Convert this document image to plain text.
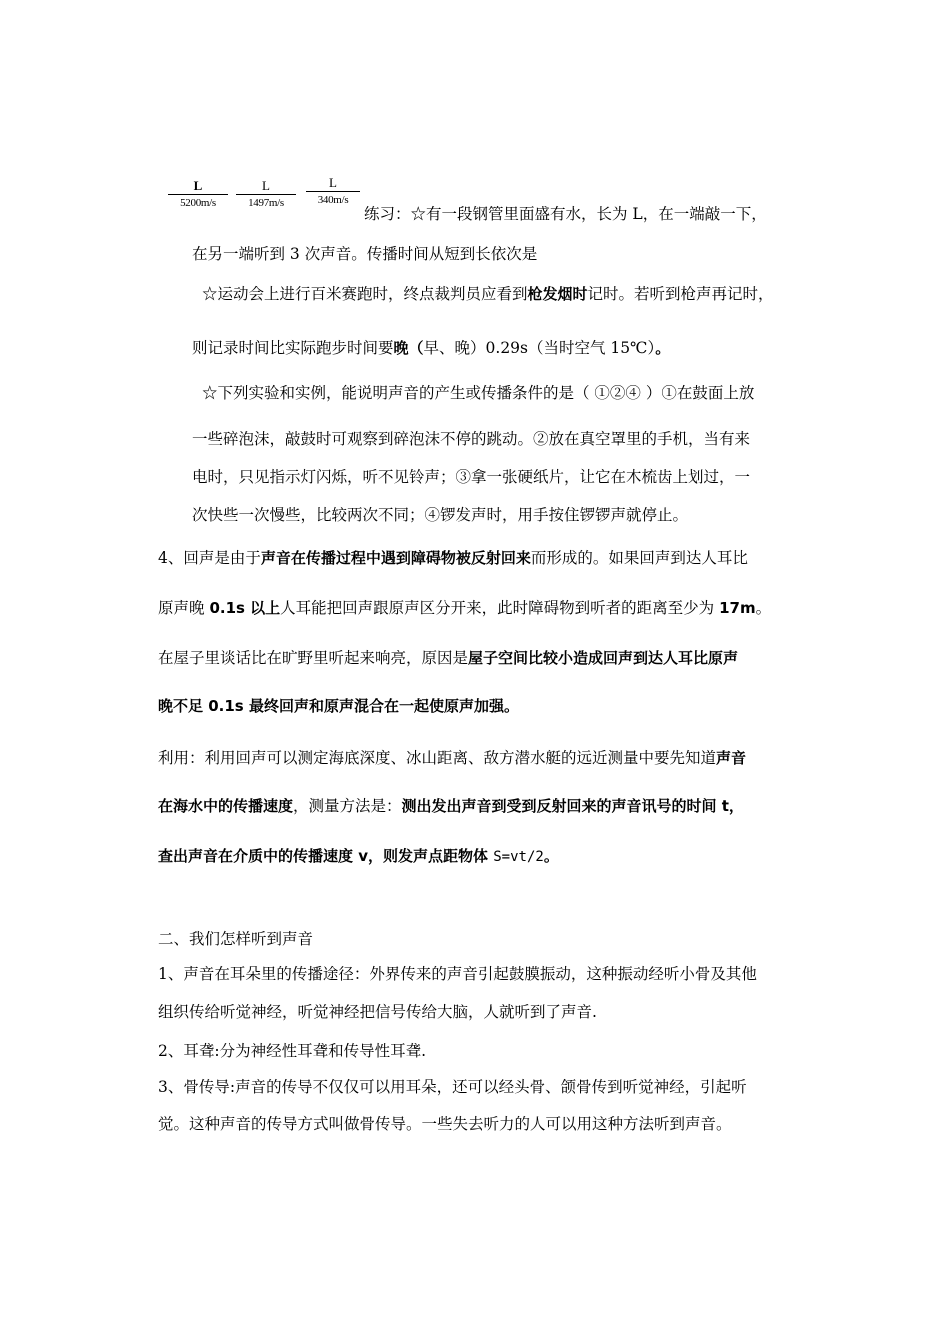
L
5200m/s
L
1497m/s
L
340m/s
练习：☆有一段钢管里面盛有水，长为 L，在一端敲一下，
在另一端听到 3 次声音。传播时间从短到长依次是
☆运动会上进行百米赛跑时，终点裁判员应看到枪发烟时记时。若听到枪声再记时，
则记录时间比实际跑步时间要晚（早、晚）0.29s（当时空气 15℃）。
☆下列实验和实例，能说明声音的产生或传播条件的是（ ①②④ ）①在鼓面上放
一些碎泡沫，敲鼓时可观察到碎泡沫不停的跳动。②放在真空罩里的手机，当有来
电时，只见指示灯闪烁，听不见铃声；③拿一张硬纸片，让它在木梳齿上划过，一
次快些一次慢些，比较两次不同；④锣发声时，用手按住锣锣声就停止。
4、回声是由于声音在传播过程中遇到障碍物被反射回来而形成的。如果回声到达人耳比
原声晚 0.1s 以上人耳能把回声跟原声区分开来，此时障碍物到听者的距离至少为 17m。
在屋子里谈话比在旷野里听起来响亮，原因是屋子空间比较小造成回声到达人耳比原声
晚不足 0.1s 最终回声和原声混合在一起使原声加强。
利用：利用回声可以测定海底深度、冰山距离、敌方潜水艇的远近测量中要先知道声音
在海水中的传播速度，测量方法是：测出发出声音到受到反射回来的声音讯号的时间 t，
查出声音在介质中的传播速度 v，则发声点距物体 S=vt/2。
二、我们怎样听到声音
1、声音在耳朵里的传播途径：外界传来的声音引起鼓膜振动，这种振动经听小骨及其他
组织传给听觉神经，听觉神经把信号传给大脑，人就听到了声音.
2、耳聋:分为神经性耳聋和传导性耳聋.
3、骨传导:声音的传导不仅仅可以用耳朵，还可以经头骨、颌骨传到听觉神经，引起听
觉。这种声音的传导方式叫做骨传导。一些失去听力的人可以用这种方法听到声音。
